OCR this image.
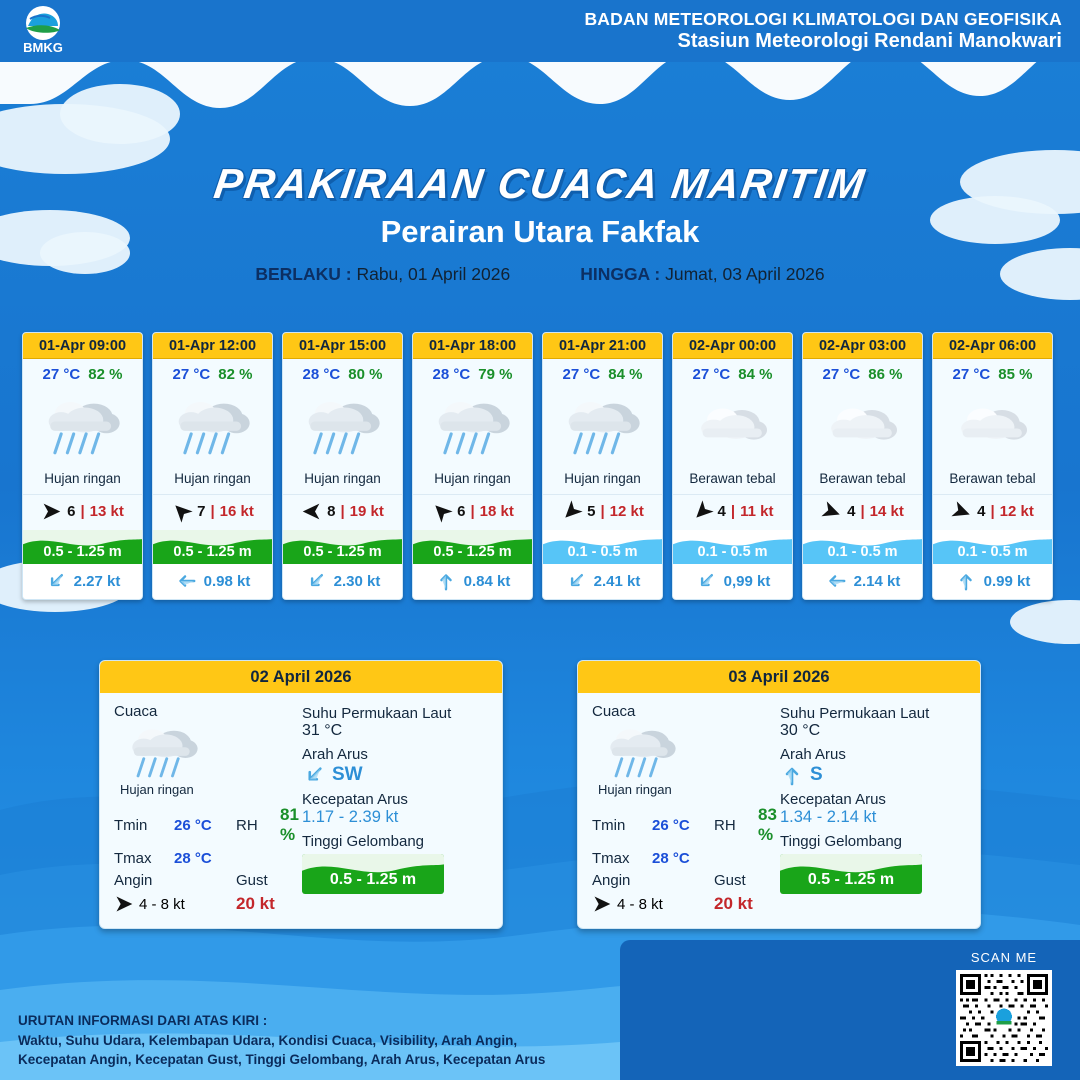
BMKG
BADAN METEOROLOGI KLIMATOLOGI DAN GEOFISIKA
Stasiun Meteorologi Rendani Manokwari
PRAKIRAAN CUACA MARITIM
Perairan Utara Fakfak
BERLAKU : Rabu, 01 April 2026	HINGGA : Jumat, 03 April 2026
01-Apr 09:00
27 °C 82 %
Hujan ringan
6 | 13 kt
0.5 - 1.25 m
2.27 kt
01-Apr 12:00
27 °C 82 %
Hujan ringan
7 | 16 kt
0.5 - 1.25 m
0.98 kt
01-Apr 15:00
28 °C 80 %
Hujan ringan
8 | 19 kt
0.5 - 1.25 m
2.30 kt
01-Apr 18:00
28 °C 79 %
Hujan ringan
6 | 18 kt
0.5 - 1.25 m
0.84 kt
01-Apr 21:00
27 °C 84 %
Hujan ringan
5 | 12 kt
0.1 - 0.5 m
2.41 kt
02-Apr 00:00
27 °C 84 %
Berawan tebal
4 | 11 kt
0.1 - 0.5 m
0,99 kt
02-Apr 03:00
27 °C 86 %
Berawan tebal
4 | 14 kt
0.1 - 0.5 m
2.14 kt
02-Apr 06:00
27 °C 85 %
Berawan tebal
4 | 12 kt
0.1 - 0.5 m
0.99 kt
02 April 2026
Cuaca
Hujan ringan
Tmin	26 °C	RH
81 %
Tmax	28 °C
Angin	Gust
4 - 8 kt	20 kt
Suhu Permukaan Laut
31 °C
Arah Arus
SW
Kecepatan Arus
1.17 - 2.39 kt
Tinggi Gelombang
0.5 - 1.25 m
03 April 2026
Cuaca
Hujan ringan
Tmin	26 °C	RH
83 %
Tmax	28 °C
Angin	Gust
4 - 8 kt	20 kt
Suhu Permukaan Laut
30 °C
Arah Arus
S
Kecepatan Arus
1.34 - 2.14 kt
Tinggi Gelombang
0.5 - 1.25 m
URUTAN INFORMASI DARI ATAS KIRI :
Waktu, Suhu Udara, Kelembapan Udara, Kondisi Cuaca, Visibility, Arah Angin,
Kecepatan Angin, Kecepatan Gust, Tinggi Gelombang, Arah Arus, Kecepatan Arus
SCAN ME
